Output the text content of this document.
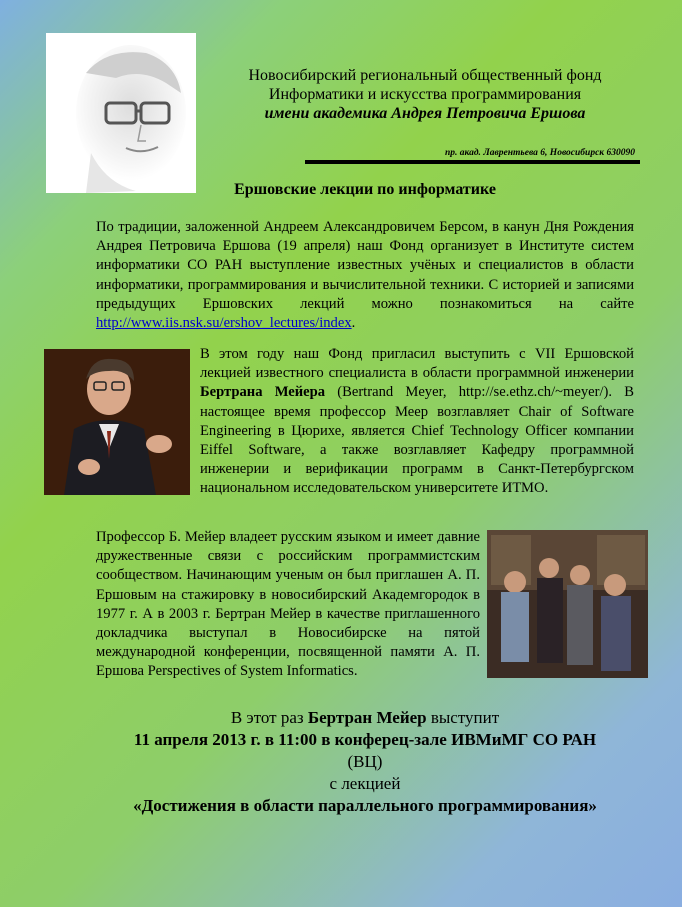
Новосибирский региональный общественный фонд
Информатики и искусства программирования
имени академика Андрея Петровича Ершова
пр. акад. Лаврентьева 6, Новосибирск 630090
Ершовские лекции по информатике
По традиции, заложенной Андреем Александровичем Берсом, в канун Дня Рождения Андрея Петровича Ершова (19 апреля) наш Фонд организует в Институте систем информатики СО РАН выступление известных учёных и специалистов в области информатики, программирования и вычислительной техники. С историей и записями предыдущих Ершовских лекций можно познакомиться на сайте http://www.iis.nsk.su/ershov_lectures/index.
В этом году наш Фонд пригласил выступить с VII Ершовской лекцией известного специалиста в области программной инженерии Бертрана Мейера (Bertrand Meyer, http://se.ethz.ch/~meyer/). В настоящее время профессор Меер возглавляет Chair of Software Engineering в Цюрихе, является Chief Technology Officer компании Eiffel Software, а также возглавляет Кафедру программной инженерии и верификации программ в Санкт-Петербургском национальном исследовательском университете ИТМО.
Профессор Б. Мейер владеет русским языком и имеет давние дружественные связи с российским программистским сообществом. Начинающим ученым он был приглашен А. П. Ершовым на стажировку в новосибирский Академгородок в 1977 г. А в 2003 г. Бертран Мейер в качестве приглашенного докладчика выступал в Новосибирске на пятой международной конференции, посвященной памяти А. П. Ершова Perspectives of System Informatics.
В этот раз Бертран Мейер выступит
11 апреля 2013 г. в 11:00 в конферец-зале ИВМиМГ СО РАН
(ВЦ)
с лекцией
«Достижения в области параллельного программирования»
